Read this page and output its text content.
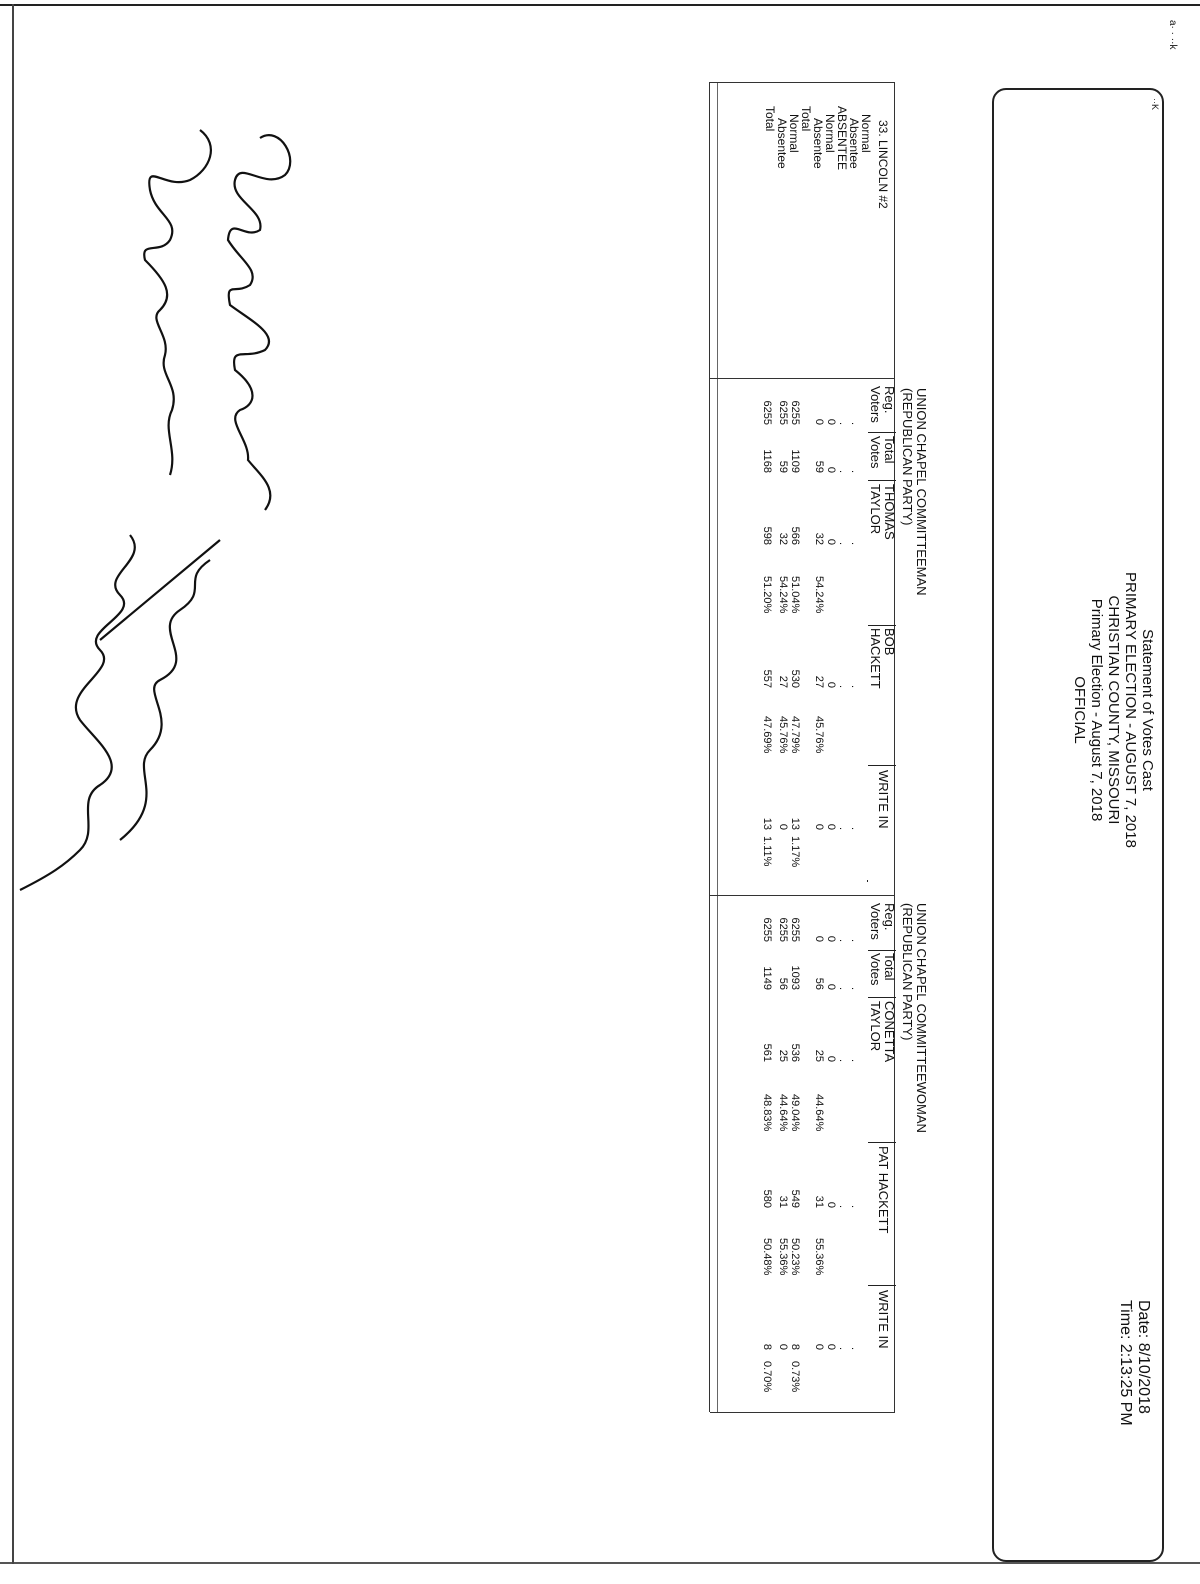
a· · ··k
··K
Statement of Votes Cast
PRIMARY ELECTION - AUGUST 7, 2018
CHRISTIAN COUNTY, MISSOURI
Primary Election - August 7, 2018
OFFICIAL
Date: 8/10/2018
Time: 2:13:25 PM
33. LINCOLN #2
Normal
Absentee
ABSENTEE
Normal
Absentee
Total
Normal
Absentee
Total
UNION CHAPEL COMMITTEEMAN
(REPUBLICAN PARTY)
Reg.
Voters
Total
Votes
THOMAS
TAYLOR
BOB
HACKETT
WRITE IN
UNION CHAPEL COMMITTEEWOMAN
(REPUBLICAN PARTY)
Reg.
Voters
Total
Votes
CONETTA
TAYLOR
PAT HACKETT
WRITE IN
.
.
.
.
.
.
.
.
.
.
0
0
0
0
0
0
59
32
54.24%
27
45.76%
0
6255
1109
566
51.04%
530
47.79%
13
1.17%
6255
59
32
54.24%
27
45.76%
0
6255
1168
598
51.20%
557
47.69%
13
1.11%
.
.
.
.
.
.
.
.
.
.
0
0
0
0
0
0
56
25
44.64%
31
55.36%
0
6255
1093
536
49.04%
549
50.23%
8
0.73%
6255
56
25
44.64%
31
55.36%
0
6255
1149
561
48.83%
580
50.48%
8
0.70%
